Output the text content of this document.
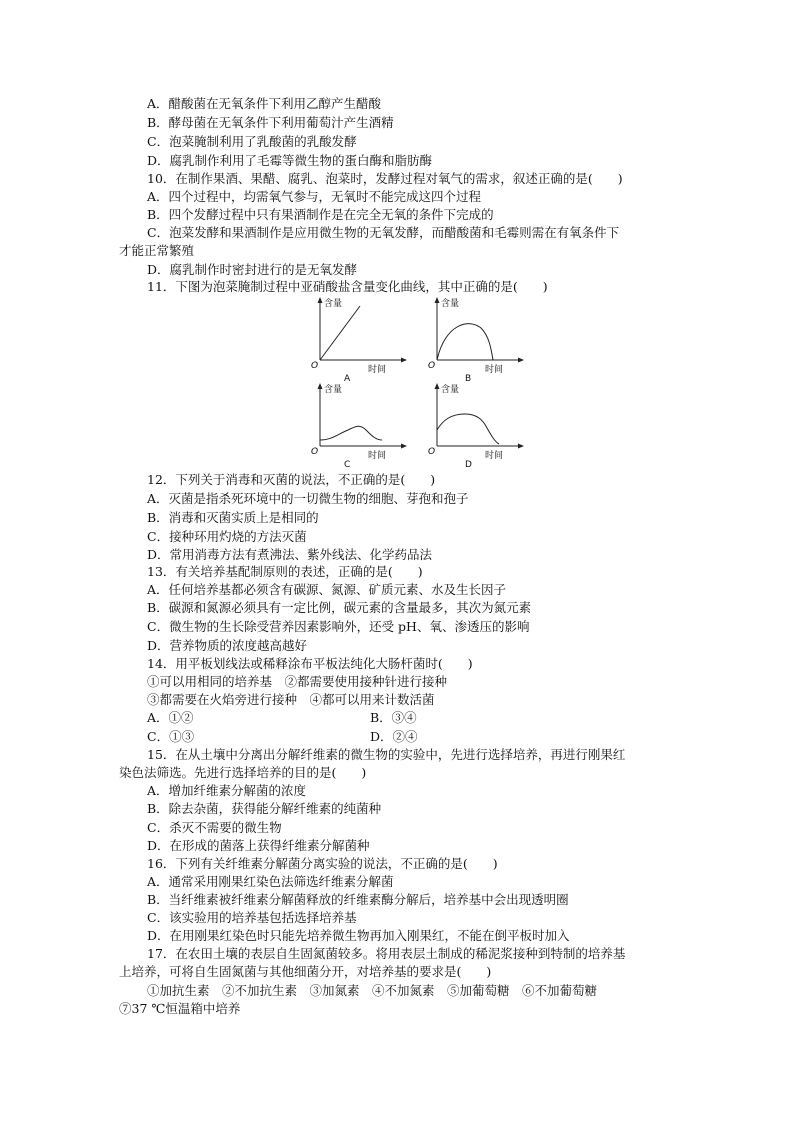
A．醋酸菌在无氧条件下利用乙醇产生醋酸
B．酵母菌在无氧条件下利用葡萄汁产生酒精
C．泡菜腌制利用了乳酸菌的乳酸发酵
D．腐乳制作利用了毛霉等微生物的蛋白酶和脂肪酶
10．在制作果酒、果醋、腐乳、泡菜时，发酵过程对氧气的需求，叙述正确的是(　　)
A．四个过程中，均需氧气参与，无氧时不能完成这四个过程
B．四个发酵过程中只有果酒制作是在完全无氧的条件下完成的
C．泡菜发酵和果酒制作是应用微生物的无氧发酵，而醋酸菌和毛霉则需在有氧条件下
才能正常繁殖
D．腐乳制作时密封进行的是无氧发酵
11．下图为泡菜腌制过程中亚硝酸盐含量变化曲线，其中正确的是(　　)
含量
时间
O
A
含量
时间
O
B
含量
时间
O
C
含量
时间
O
D
12．下列关于消毒和灭菌的说法，不正确的是(　　)
A．灭菌是指杀死环境中的一切微生物的细胞、芽孢和孢子
B．消毒和灭菌实质上是相同的
C．接种环用灼烧的方法灭菌
D．常用消毒方法有煮沸法、紫外线法、化学药品法
13．有关培养基配制原则的表述，正确的是(　　)
A．任何培养基都必须含有碳源、氮源、矿质元素、水及生长因子
B．碳源和氮源必须具有一定比例，碳元素的含量最多，其次为氮元素
C．微生物的生长除受营养因素影响外，还受 pH、氧、渗透压的影响
D．营养物质的浓度越高越好
14．用平板划线法或稀释涂布平板法纯化大肠杆菌时(　　)
①可以用相同的培养基　②都需要使用接种针进行接种
③都需要在火焰旁进行接种　④都可以用来计数活菌
A．①②	B．③④
C．①③	D．②④
15．在从土壤中分离出分解纤维素的微生物的实验中，先进行选择培养，再进行刚果红
染色法筛选。先进行选择培养的目的是(　　)
A．增加纤维素分解菌的浓度
B．除去杂菌，获得能分解纤维素的纯菌种
C．杀灭不需要的微生物
D．在形成的菌落上获得纤维素分解菌种
16．下列有关纤维素分解菌分离实验的说法，不正确的是(　　)
A．通常采用刚果红染色法筛选纤维素分解菌
B．当纤维素被纤维素分解菌释放的纤维素酶分解后，培养基中会出现透明圈
C．该实验用的培养基包括选择培养基
D．在用刚果红染色时只能先培养微生物再加入刚果红，不能在倒平板时加入
17．在农田土壤的表层自生固氮菌较多。将用表层土制成的稀泥浆接种到特制的培养基
上培养，可将自生固氮菌与其他细菌分开，对培养基的要求是(　　)
①加抗生素　②不加抗生素　③加氮素　④不加氮素　⑤加葡萄糖　⑥不加葡萄糖
⑦37 ℃恒温箱中培养
